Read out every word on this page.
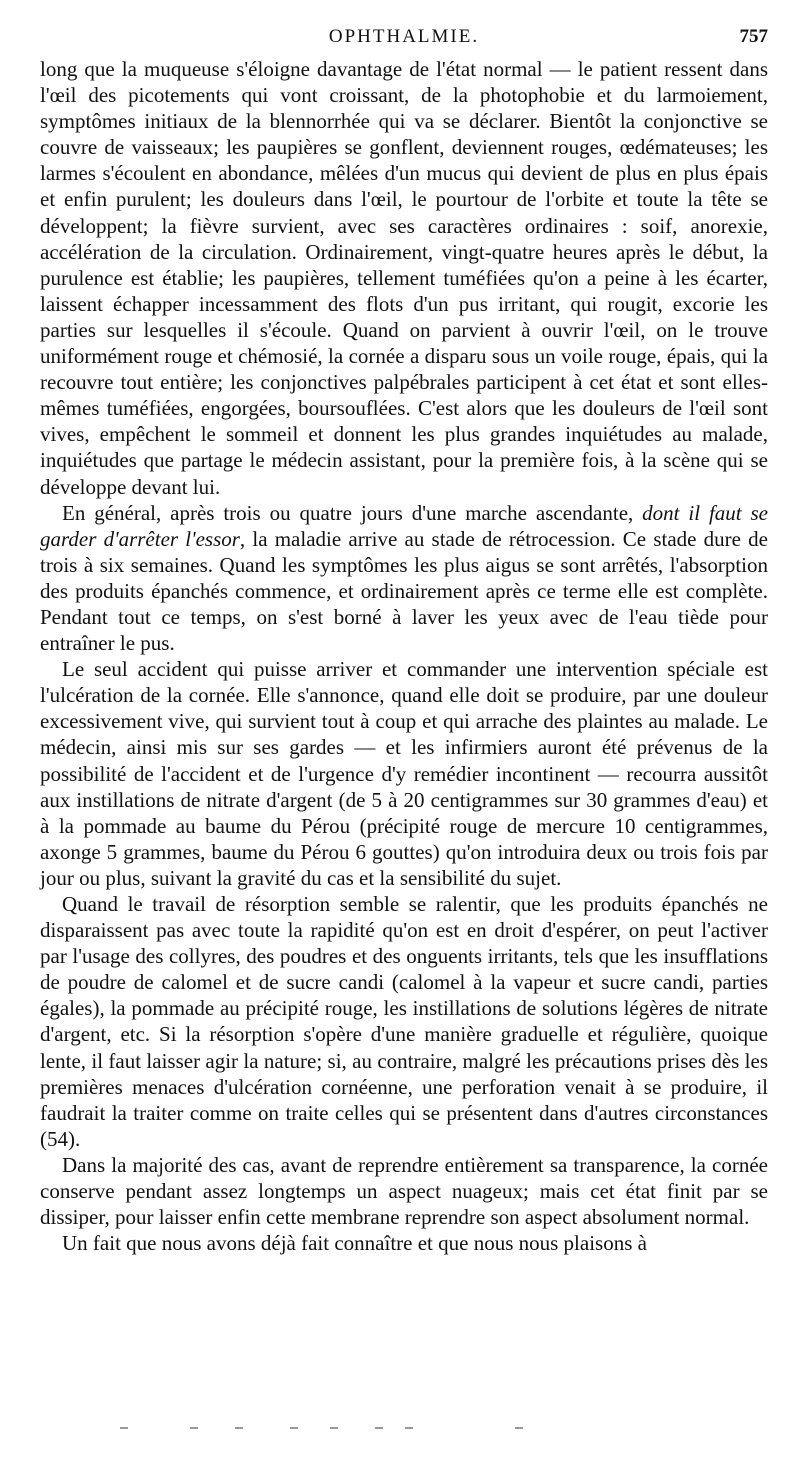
OPHTHALMIE.	757

long que la muqueuse s'éloigne davantage de l'état normal — le patient ressent dans l'œil des picotements qui vont croissant, de la photophobie et du larmoiement, symptômes initiaux de la blennorrhée qui va se déclarer. Bientôt la conjonctive se couvre de vaisseaux; les paupières se gonflent, deviennent rouges, œdémateuses; les larmes s'écoulent en abondance, mêlées d'un mucus qui devient de plus en plus épais et enfin purulent; les douleurs dans l'œil, le pourtour de l'orbite et toute la tête se développent; la fièvre survient, avec ses caractères ordinaires : soif, anorexie, accélération de la circulation. Ordinairement, vingt-quatre heures après le début, la purulence est établie; les paupières, tellement tuméfiées qu'on a peine à les écarter, laissent échapper incessamment des flots d'un pus irritant, qui rougit, excorie les parties sur lesquelles il s'écoule. Quand on parvient à ouvrir l'œil, on le trouve uniformément rouge et chémosié, la cornée a disparu sous un voile rouge, épais, qui la recouvre tout entière; les conjonctives palpébrales participent à cet état et sont elles-mêmes tuméfiées, engorgées, boursouflées. C'est alors que les douleurs de l'œil sont vives, empêchent le sommeil et donnent les plus grandes inquiétudes au malade, inquiétudes que partage le médecin assistant, pour la première fois, à la scène qui se développe devant lui.

En général, après trois ou quatre jours d'une marche ascendante, dont il faut se garder d'arrêter l'essor, la maladie arrive au stade de rétrocession. Ce stade dure de trois à six semaines. Quand les symptômes les plus aigus se sont arrêtés, l'absorption des produits épanchés commence, et ordinairement après ce terme elle est complète. Pendant tout ce temps, on s'est borné à laver les yeux avec de l'eau tiède pour entraîner le pus.

Le seul accident qui puisse arriver et commander une intervention spéciale est l'ulcération de la cornée. Elle s'annonce, quand elle doit se produire, par une douleur excessivement vive, qui survient tout à coup et qui arrache des plaintes au malade. Le médecin, ainsi mis sur ses gardes — et les infirmiers auront été prévenus de la possibilité de l'accident et de l'urgence d'y remédier incontinent — recourra aussitôt aux instillations de nitrate d'argent (de 5 à 20 centigrammes sur 30 grammes d'eau) et à la pommade au baume du Pérou (précipité rouge de mercure 10 centigrammes, axonge 5 grammes, baume du Pérou 6 gouttes) qu'on introduira deux ou trois fois par jour ou plus, suivant la gravité du cas et la sensibilité du sujet.

Quand le travail de résorption semble se ralentir, que les produits épanchés ne disparaissent pas avec toute la rapidité qu'on est en droit d'espérer, on peut l'activer par l'usage des collyres, des poudres et des onguents irritants, tels que les insufflations de poudre de calomel et de sucre candi (calomel à la vapeur et sucre candi, parties égales), la pommade au précipité rouge, les instillations de solutions légères de nitrate d'argent, etc. Si la résorption s'opère d'une manière graduelle et régulière, quoique lente, il faut laisser agir la nature; si, au contraire, malgré les précautions prises dès les premières menaces d'ulcération cornéenne, une perforation venait à se produire, il faudrait la traiter comme on traite celles qui se présentent dans d'autres circonstances (54).

Dans la majorité des cas, avant de reprendre entièrement sa transparence, la cornée conserve pendant assez longtemps un aspect nuageux; mais cet état finit par se dissiper, pour laisser enfin cette membrane reprendre son aspect absolument normal.

Un fait que nous avons déjà fait connaître et que nous nous plaisons à
